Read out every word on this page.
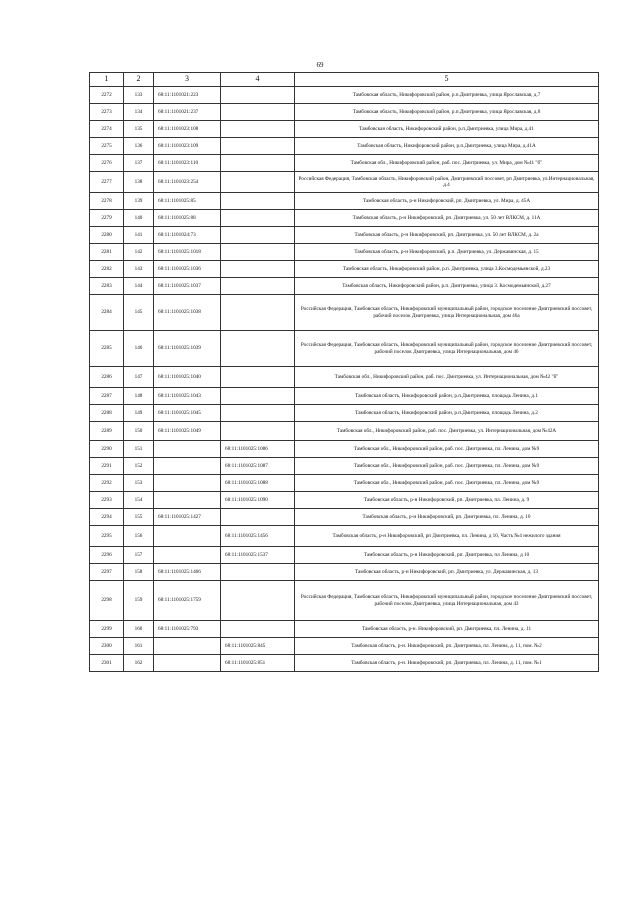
69
1	2	3	4	5
2272	133	68:11:1101021:223		Тамбовская область, Никифоровский район, р.п.Дмитриевка, улица Ярославская, д.7
2273	134	68:11:1101021:237		Тамбовская область, Никифоровский район, р.п.Дмитриевка, улица Ярославская, д.8
2274	135	68:11:1101023:108		Тамбовская область, Никифоровский район, р.п.Дмитриевка, улица Мира, д.41
2275	136	68:11:1101023:109		Тамбовская область, Никифоровский район, р.п.Дмитриевка, улица Мира, д.41А
2276	137	68:11:1101023:110		Тамбовская обл., Никифоровский район, раб. пос. Дмитриевка, ул. Мира, дом №41 "б"
2277	138	68:11:1101023:254		Российская Федерация, Тамбовская область, Никифоровский район, Дмитриевский поссовет, рп Дмитриевка, ул.Интернациональная, д.4
2278	139	68:11:1101025:85		Тамбовская область, р-н Никифоровский, рп. Дмитриевка, ул. Мира, д. 45А
2279	140	68:11:1101025:88		Тамбовская область, р-н Никифоровский, рп. Дмитриевка, ул. 50 лет ВЛКСМ, д. 11А
2280	141	68:11:1101024:73		Тамбовская область, р-н Никифоровский, рп. Дмитриевка, ул. 50 лет ВЛКСМ, д. 2а
2281	142	68:11:1101025:1018		Тамбовская область, р-н Никифоровский, р.п. Дмитриевка, ул. Державинская, д. 15
2282	143	68:11:1101025:1036		Тамбовская область, Никифоровский район, р.п. Дмитриевка, улица 3.Космодемьянской, д.23
2283	144	68:11:1101025:1037		Тамбовская область, Никифоровский район, р.п. Дмитриевка, улица 3. Космодемьянской, д.27
2284	145	68:11:1101025:1038		Российская Федерация, Тамбовская область, Никифоровский муниципальный район, городское поселение Дмитриевский поссовет, рабочий поселок Дмитриевка, улица Интернациональная, дом 46а
2285	146	68:11:1101025:1039		Российская Федерация, Тамбовская область, Никифоровский муниципальный район, городское поселение Дмитриевский поссовет, рабочий поселок Дмитриевка, улица Интернациональная, дом 46
2286	147	68:11:1101025:1040		Тамбовская обл., Никифоровский район, раб. пос. Дмитриевка, ул. Интернациональная, дом №42 "б"
2287	148	68:11:1101025:1043		Тамбовская область, Никифоровский район, р.п.Дмитриевка, площадь Ленина, д.1
2288	149	68:11:1101025:1045		Тамбовская область, Никифоровский район, р.п.Дмитриевка, площадь Ленина, д.2
2289	150	68:11:1101025:1049		Тамбовская обл., Никифоровский район, раб. пос. Дмитриевка, ул. Интернациональная, дом №42А
2290	151		68:11:1101025:1086	Тамбовская обл., Никифоровский район, раб. пос. Дмитриевка, пл. Ленина, дом №9
2291	152		68:11:1101025:1087	Тамбовская обл., Никифоровский район, раб. пос. Дмитриевка, пл. Ленина, дом №9
2292	153		68:11:1101025:1088	Тамбовская обл., Никифоровский район, раб. пос. Дмитриевка, пл. Ленина, дом №9
2293	154		68:11:1101025:1090	Тамбовская область, р-н Никифоровский, рп. Дмитриевка, пл. Ленина, д. 9
2294	155	68:11:1101025:1427		Тамбовская область, р-н Никифоровский, рп. Дмитриевка, пл. Ленина, д. 10
2295	156		68:11:1101025:1456	Тамбовская область, р-н Никифоровский, рп Дмитриевка, пл. Ленина, д 10, Часть №4 нежилого здания
2296	157		68:11:1101025:1537	Тамбовская область, р-н Никифоровский, рп. Дмитриевка, пл Ленина, д 10
2297	158	68:11:1101025:1466		Тамбовская область, р-н Никифоровский, рп. Дмитриевка, ул. Державинская, д. 13
2298	159	68:11:1101025:1759		Российская Федерация, Тамбовская область, Никифоровский муниципальный район, городское поселение Дмитриевский поссовет, рабочий поселок Дмитриевка, улица Интернациональная, дом 43
2299	160	68:11:1101025:793		Тамбовская область, р-н. Никифоровский, рп. Дмитриевка, пл. Ленина, д. 11
2300	161		68:11:1101025:845	Тамбовская область, р-н. Никифоровский, рп. Дмитриевка, пл. Ленина, д. 11, пом. №2
2301	162		68:11:1101025:851	Тамбовская область, р-н. Никифоровский, рп. Дмитриевка, пл. Ленина, д. 11, пом. №1
